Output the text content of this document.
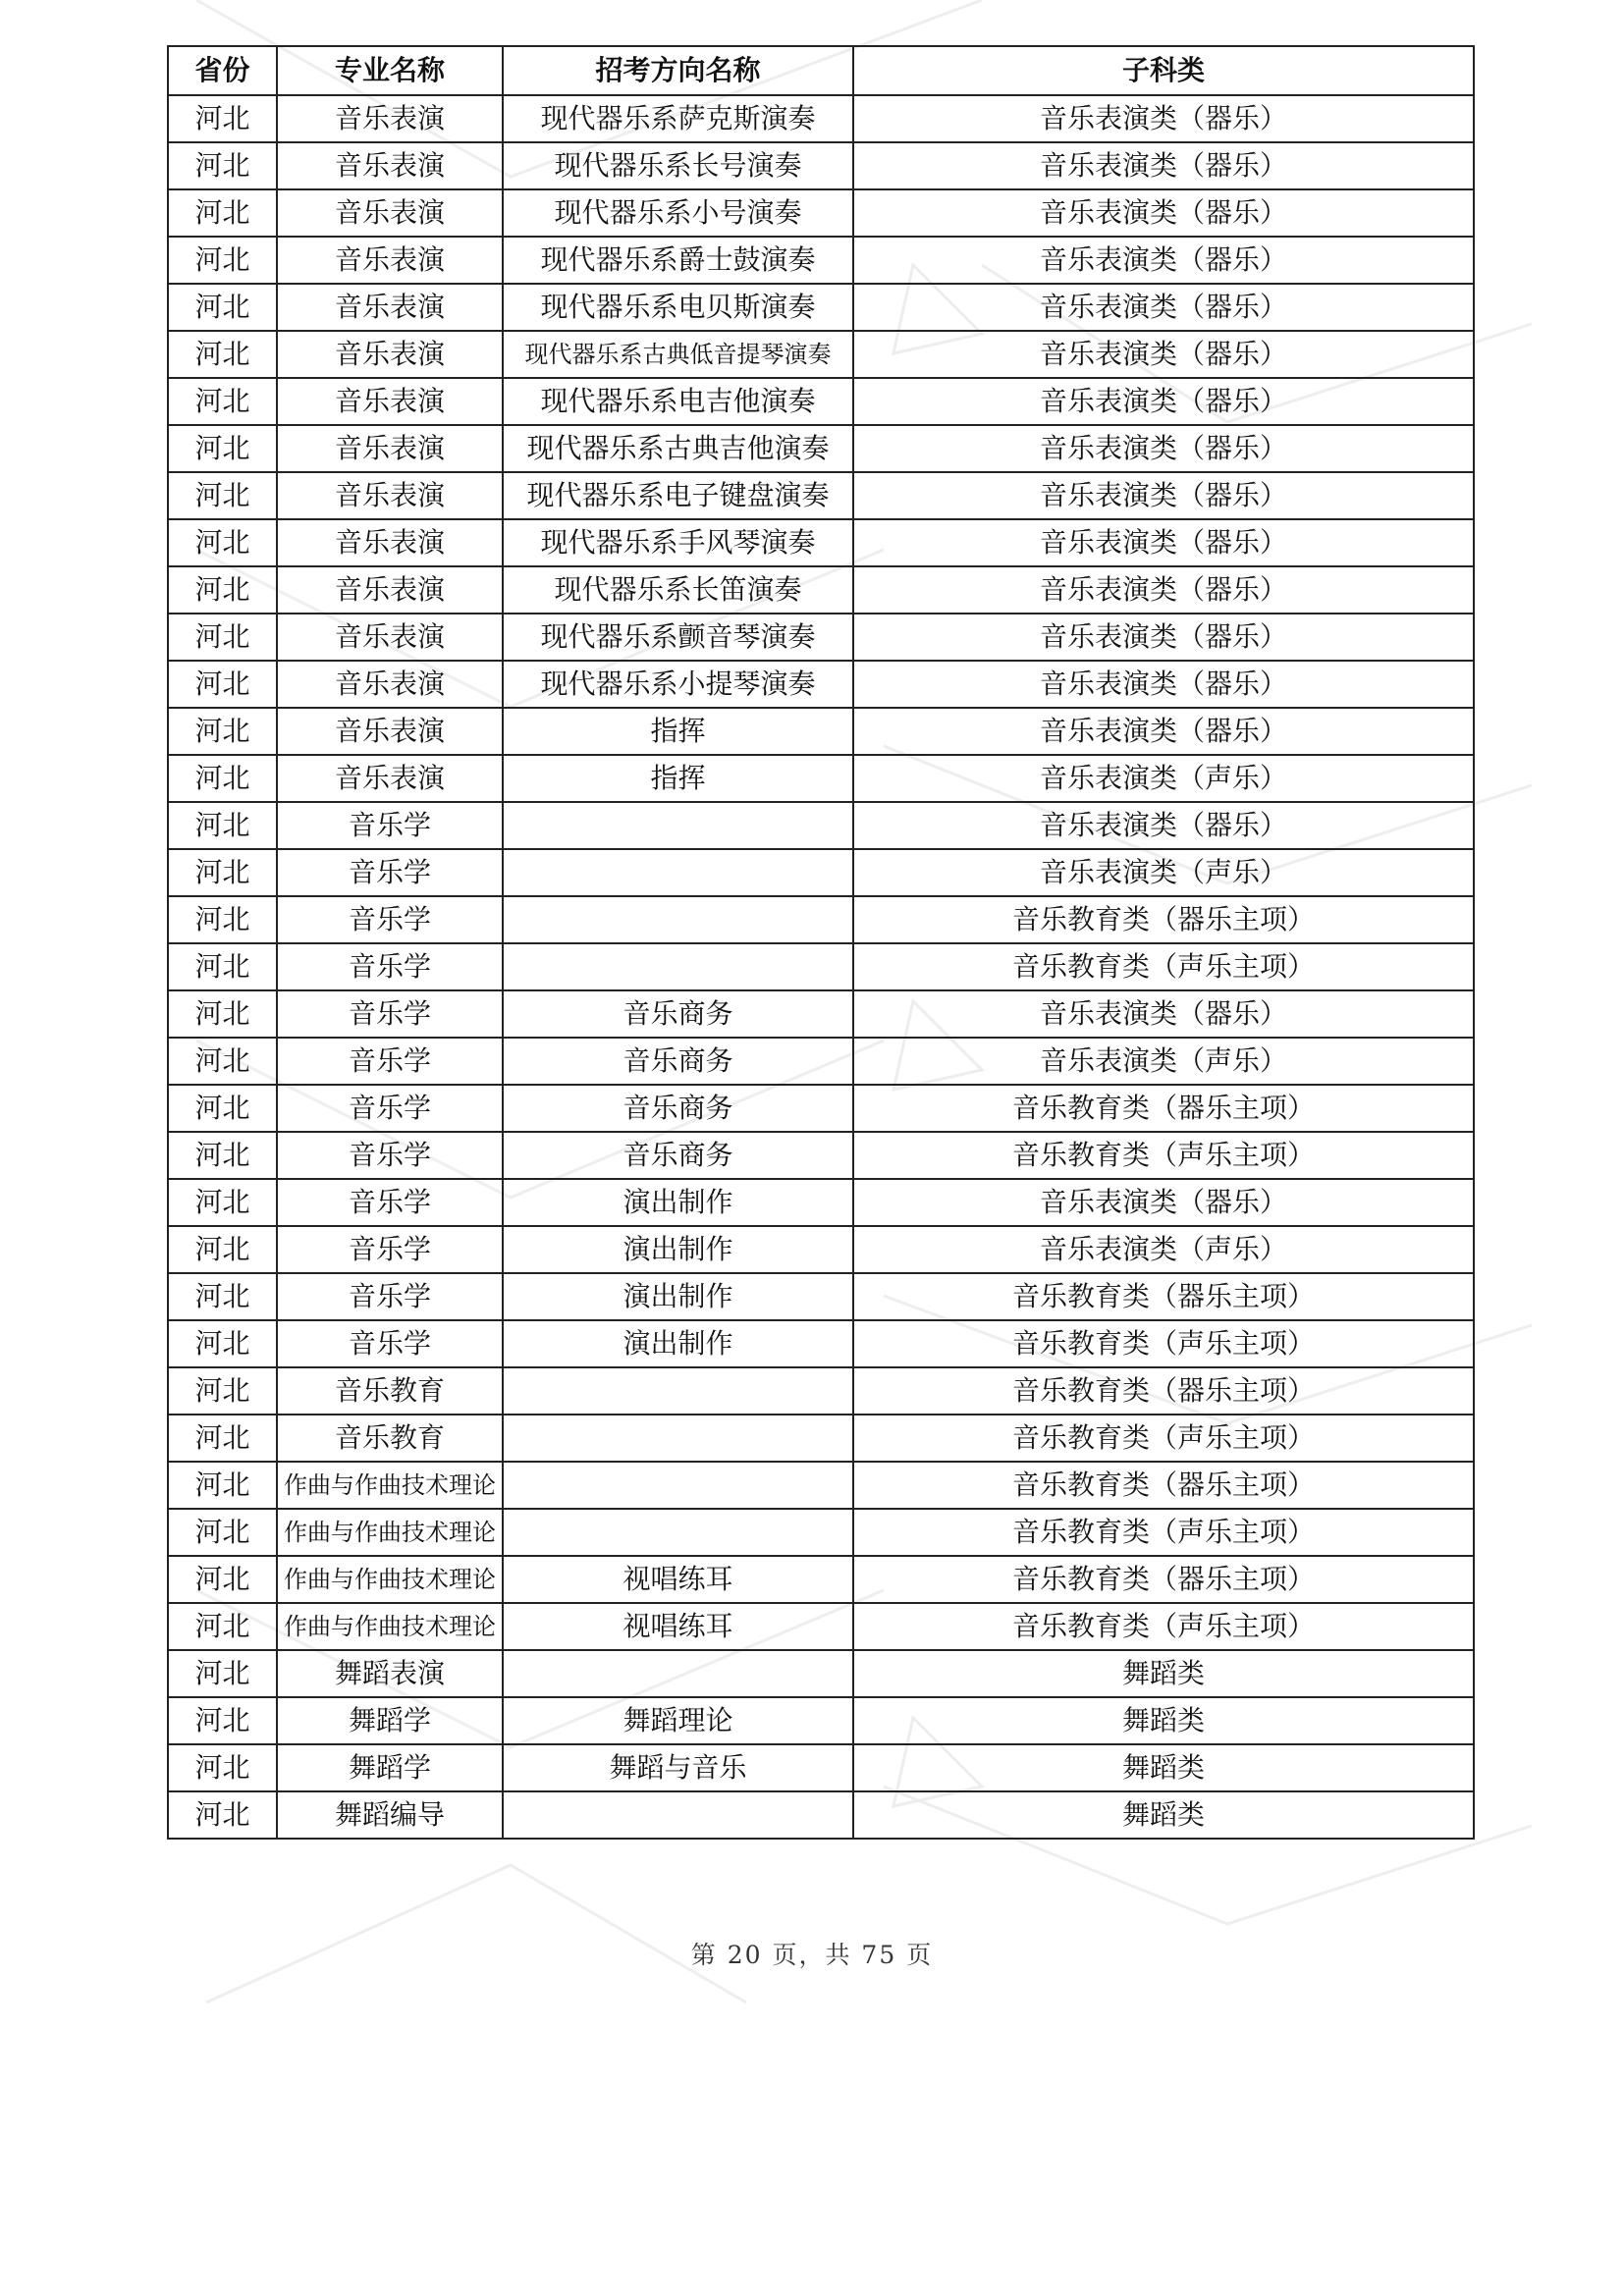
省份	专业名称	招考方向名称	子科类
河北	音乐表演	现代器乐系萨克斯演奏	音乐表演类（器乐）
河北	音乐表演	现代器乐系长号演奏	音乐表演类（器乐）
河北	音乐表演	现代器乐系小号演奏	音乐表演类（器乐）
河北	音乐表演	现代器乐系爵士鼓演奏	音乐表演类（器乐）
河北	音乐表演	现代器乐系电贝斯演奏	音乐表演类（器乐）
河北	音乐表演	现代器乐系古典低音提琴演奏	音乐表演类（器乐）
河北	音乐表演	现代器乐系电吉他演奏	音乐表演类（器乐）
河北	音乐表演	现代器乐系古典吉他演奏	音乐表演类（器乐）
河北	音乐表演	现代器乐系电子键盘演奏	音乐表演类（器乐）
河北	音乐表演	现代器乐系手风琴演奏	音乐表演类（器乐）
河北	音乐表演	现代器乐系长笛演奏	音乐表演类（器乐）
河北	音乐表演	现代器乐系颤音琴演奏	音乐表演类（器乐）
河北	音乐表演	现代器乐系小提琴演奏	音乐表演类（器乐）
河北	音乐表演	指挥	音乐表演类（器乐）
河北	音乐表演	指挥	音乐表演类（声乐）
河北	音乐学		音乐表演类（器乐）
河北	音乐学		音乐表演类（声乐）
河北	音乐学		音乐教育类（器乐主项）
河北	音乐学		音乐教育类（声乐主项）
河北	音乐学	音乐商务	音乐表演类（器乐）
河北	音乐学	音乐商务	音乐表演类（声乐）
河北	音乐学	音乐商务	音乐教育类（器乐主项）
河北	音乐学	音乐商务	音乐教育类（声乐主项）
河北	音乐学	演出制作	音乐表演类（器乐）
河北	音乐学	演出制作	音乐表演类（声乐）
河北	音乐学	演出制作	音乐教育类（器乐主项）
河北	音乐学	演出制作	音乐教育类（声乐主项）
河北	音乐教育		音乐教育类（器乐主项）
河北	音乐教育		音乐教育类（声乐主项）
河北	作曲与作曲技术理论		音乐教育类（器乐主项）
河北	作曲与作曲技术理论		音乐教育类（声乐主项）
河北	作曲与作曲技术理论	视唱练耳	音乐教育类（器乐主项）
河北	作曲与作曲技术理论	视唱练耳	音乐教育类（声乐主项）
河北	舞蹈表演		舞蹈类
河北	舞蹈学	舞蹈理论	舞蹈类
河北	舞蹈学	舞蹈与音乐	舞蹈类
河北	舞蹈编导		舞蹈类
第 20 页，共 75 页
